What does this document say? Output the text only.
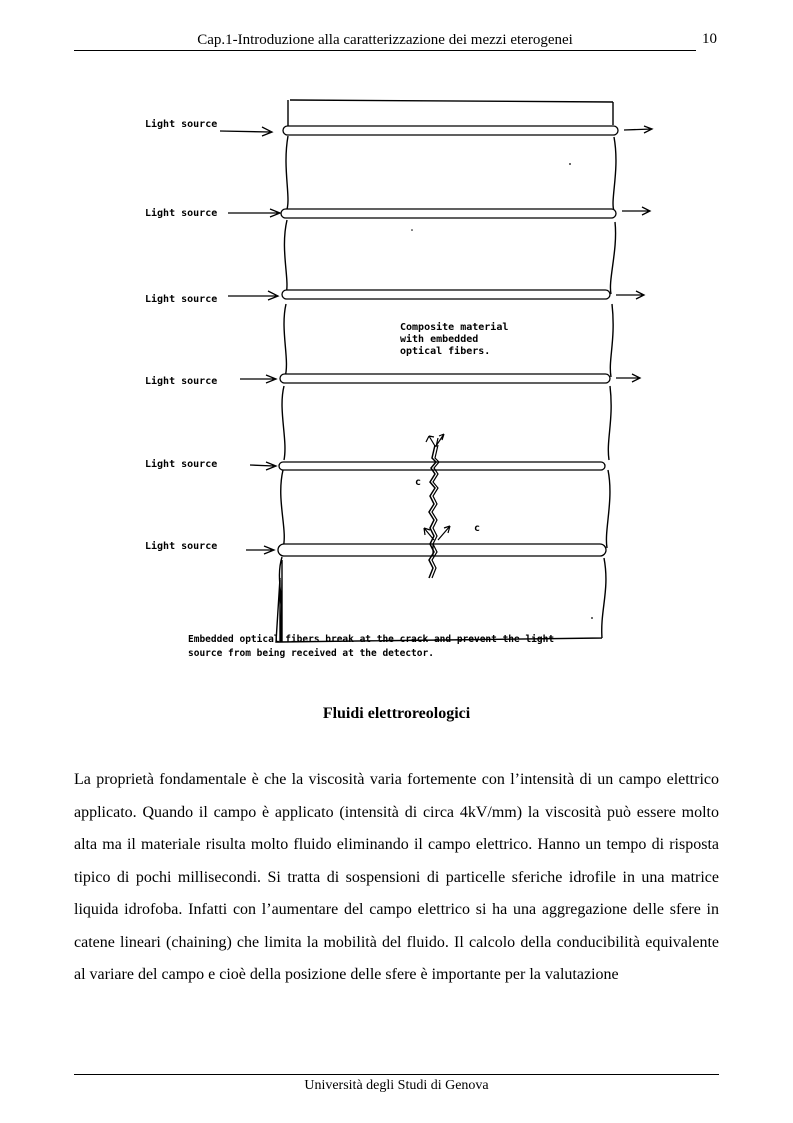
Cap.1-Introduzione alla caratterizzazione dei mezzi eterogenei	10
Light source
Light source
Light source
Light source
Light source
Light source
Composite material
with embedded
optical fibers.
c
c
Embedded optical fibers break at the crack and prevent the light
source from being received at the detector.
Fluidi elettroreologici

La proprietà fondamentale è che la viscosità varia fortemente con l’intensità di un campo elettrico applicato. Quando il campo è applicato (intensità di circa 4kV/mm) la viscosità può essere molto alta ma il materiale risulta molto fluido eliminando il campo elettrico. Hanno un tempo di risposta tipico di pochi millisecondi. Si tratta di sospensioni di particelle sferiche idrofile in una matrice liquida idrofoba. Infatti con l’aumentare del campo elettrico si ha una aggregazione delle sfere in catene lineari (chaining) che limita la mobilità del fluido. Il calcolo della conducibilità equivalente al variare del campo e cioè della posizione delle sfere è importante per la valutazione

Università degli Studi di Genova
